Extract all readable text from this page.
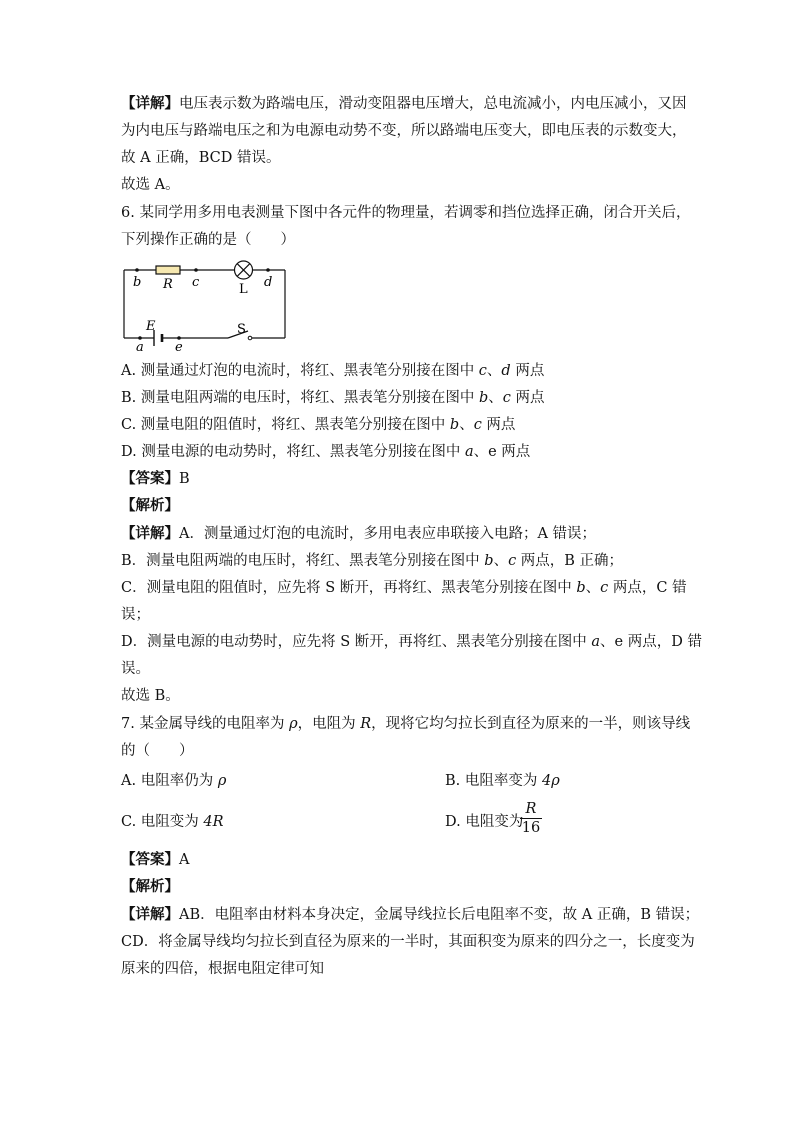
【详解】电压表示数为路端电压，滑动变阻器电压增大，总电流减小，内电压减小，又因
为内电压与路端电压之和为电源电动势不变，所以路端电压变大，即电压表的示数变大，
故 A 正确，BCD 错误。
故选 A。
6. 某同学用多用电表测量下图中各元件的物理量，若调零和挡位选择正确，闭合开关后，
下列操作正确的是（　　）
b R c	L d
E
a e
S
A. 测量通过灯泡的电流时，将红、黑表笔分别接在图中 c、d 两点
B. 测量电阻两端的电压时，将红、黑表笔分别接在图中 b、c 两点
C. 测量电阻的阻值时，将红、黑表笔分别接在图中 b、c 两点
D. 测量电源的电动势时，将红、黑表笔分别接在图中 a、e 两点
【答案】B
【解析】
【详解】A．测量通过灯泡的电流时，多用电表应串联接入电路；A 错误；
B．测量电阻两端的电压时，将红、黑表笔分别接在图中 b、c 两点，B 正确；
C．测量电阻的阻值时，应先将 S 断开，再将红、黑表笔分别接在图中 b、c 两点，C 错
误；
D．测量电源的电动势时，应先将 S 断开，再将红、黑表笔分别接在图中 a、e 两点，D 错
误。
故选 B。
7. 某金属导线的电阻率为 ρ，电阻为 R，现将它均匀拉长到直径为原来的一半，则该导线
的（　　）
A. 电阻率仍为 ρ	B. 电阻率变为 4ρ
C. 电阻变为 4R	D. 电阻变为
R
16
【答案】A
【解析】
【详解】AB．电阻率由材料本身决定，金属导线拉长后电阻率不变，故 A 正确，B 错误；
CD．将金属导线均匀拉长到直径为原来的一半时，其面积变为原来的四分之一，长度变为
原来的四倍，根据电阻定律可知
